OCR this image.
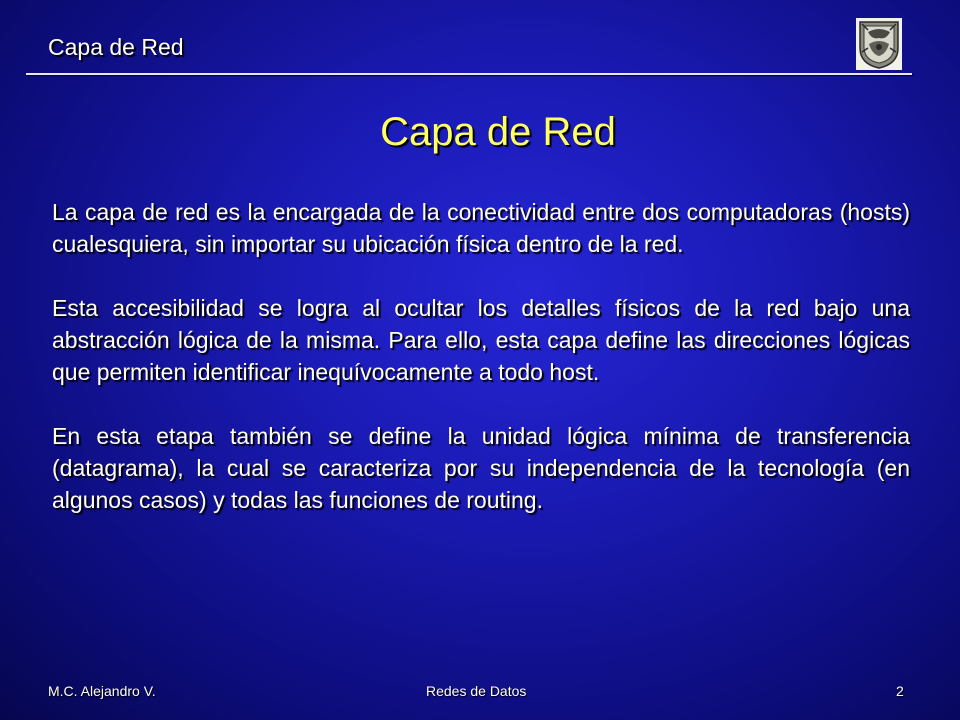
Capa de Red
Capa de Red

La capa de red es la encargada de la conectividad entre dos computadoras (hosts) cualesquiera, sin importar su ubicación física dentro de la red.

Esta accesibilidad se logra al ocultar los detalles físicos de la red bajo una abstracción lógica de la misma. Para ello, esta capa define las direcciones lógicas que permiten identificar inequívocamente a todo host.

En esta etapa también se define la unidad lógica mínima de transferencia (datagrama), la cual se caracteriza por su independencia de la tecnología (en algunos casos) y todas las funciones de routing.

M.C. Alejandro V.	Redes de Datos	2
